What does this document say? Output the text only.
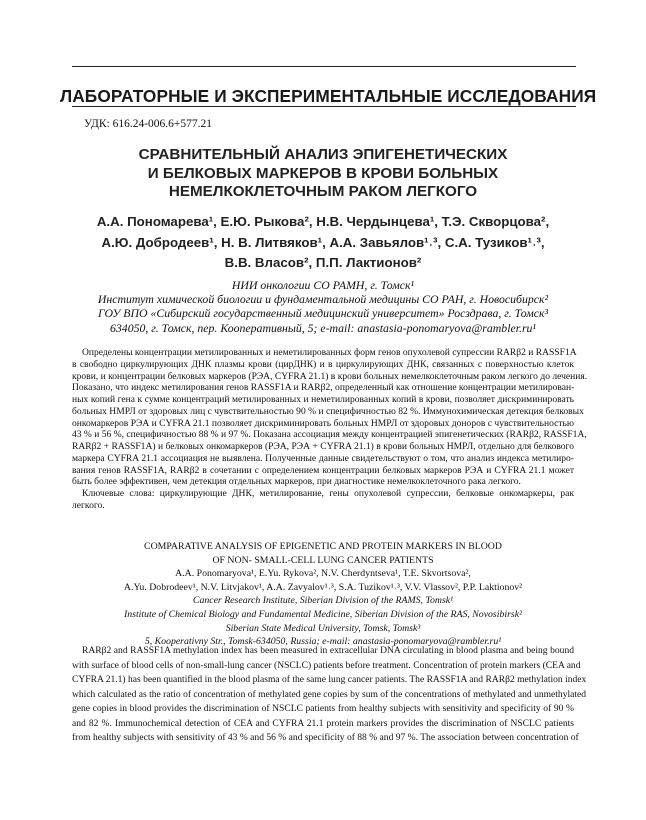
ЛАБОРАТОРНЫЕ И ЭКСПЕРИМЕНТАЛЬНЫЕ ИССЛЕДОВАНИЯ
УДК: 616.24-006.6+577.21
СРАВНИТЕЛЬНЫЙ АНАЛИЗ ЭПИГЕНЕТИЧЕСКИХ
И БЕЛКОВЫХ МАРКЕРОВ В КРОВИ БОЛЬНЫХ
НЕМЕЛКОКЛЕТОЧНЫМ РАКОМ ЛЕГКОГО
А.А. Пономарева¹, Е.Ю. Рыкова², Н.В. Чердынцева¹, Т.Э. Скворцова²,
А.Ю. Добродеев¹, Н. В. Литвяков¹, А.А. Завьялов¹˒³, С.А. Тузиков¹˒³,
В.В. Власов², П.П. Лактионов²
НИИ онкологии СО РАМН, г. Томск¹
Институт химической биологии и фундаментальной медицины СО РАН, г. Новосибирск²
ГОУ ВПО «Сибирский государственный медицинский университет» Росздрава, г. Томск³
634050, г. Томск, пер. Кооперативный, 5; e-mail: anastasia-ponomaryova@rambler.ru¹
Определены концентрации метилированных и неметилированных форм генов опухолевой супрессии RARβ2 и RASSF1A
в свободно циркулирующих ДНК плазмы крови (цирДНК) и в циркулирующих ДНК, связанных с поверхностью клеток
крови, и концентрации белковых маркеров (РЭА, CYFRA 21.1) в крови больных немелкоклеточным раком легкого до лечения.
Показано, что индекс метилирования генов RASSF1A и RARβ2, определенный как отношение концентрации метилирован-
ных копий гена к сумме концентраций метилированных и неметилированных копий в крови, позволяет дискриминировать
больных НМРЛ от здоровых лиц с чувствительностью 90 % и специфичностью 82 %. Иммунохимическая детекция белковых
онкомаркеров РЭА и CYFRA 21.1 позволяет дискриминировать больных НМРЛ от здоровых доноров с чувствительностью
43 % и 56 %, специфичностью 88 % и 97 %. Показана ассоциация между концентрацией эпигенетических (RARβ2, RASSF1A,
RARβ2 + RASSF1A) и белковых онкомаркеров (РЭА, РЭА + CYFRA 21.1) в крови больных НМРЛ, отдельно для белкового
маркера CYFRA 21.1 ассоциация не выявлена. Полученные данные свидетельствуют о том, что анализ индекса метилиро-
вания генов RASSF1A, RARβ2 в сочетании с определением концентрации белковых маркеров РЭА и CYFRA 21.1 может
быть более эффективен, чем детекция отдельных маркеров, при диагностике немелкоклеточного рака легкого.
Ключевые слова: циркулирующие ДНК, метилирование, гены опухолевой супрессии, белковые онкомаркеры, рак
легкого.
COMPARATIVE ANALYSIS OF EPIGENETIC AND PROTEIN MARKERS IN BLOOD
OF NON- SMALL-CELL LUNG CANCER PATIENTS
A.A. Ponomaryova¹, E.Yu. Rykova², N.V. Cherdyntseva¹, T.E. Skvortsova²,
A.Yu. Dobrodeev¹, N.V. Litvjakov¹, A.A. Zavyalov¹˒³, S.A. Tuzikov¹˒³, V.V. Vlassov², P.P. Laktionov²
Cancer Research Institute, Siberian Division of the RAMS, Tomsk¹
Institute of Chemical Biology and Fundamental Medicine, Siberian Division of the RAS, Novosibirsk²
Siberian State Medical University, Tomsk, Tomsk³
5, Kooperativny Str., Tomsk-634050, Russia; e-mail: anastasia-ponomaryova@rambler.ru¹
RARβ2 and RASSF1A methylation index has been measured in extracellular DNA circulating in blood plasma and being bound
with surface of blood cells of non-small-lung cancer (NSCLC) patients before treatment. Concentration of protein markers (CEA and
CYFRA 21.1) has been quantified in the blood plasma of the same lung cancer patients. The RASSF1A and RARβ2 methylation index
which calculated as the ratio of concentration of methylated gene copies by sum of the concentrations of methylated and unmethylated
gene copies in blood provides the discrimination of NSCLC patients from healthy subjects with sensitivity and specificity of 90 %
and 82 %. Immunochemical detection of CEA and CYFRA 21.1 protein markers provides the discrimination of NSCLC patients
from healthy subjects with sensitivity of 43 % and 56 % and specificity of 88 % and 97 %. The association between concentration of
